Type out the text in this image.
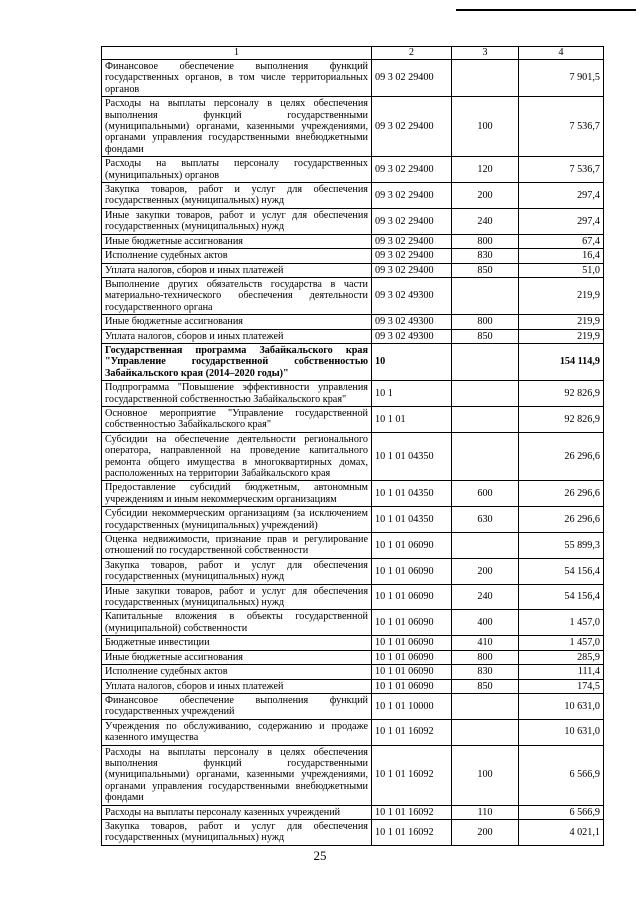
1	2	3	4
Финансовое обеспечение выполнения функций государственных органов, в том числе территориальных органов	09 3 02 29400		7 901,5
Расходы на выплаты персоналу в целях обеспечения выполнения функций государственными (муниципальными) органами, казенными учреждениями, органами управления государственными внебюджетными фондами	09 3 02 29400	100	7 536,7
Расходы на выплаты персоналу государственных (муниципальных) органов	09 3 02 29400	120	7 536,7
Закупка товаров, работ и услуг для обеспечения государственных (муниципальных) нужд	09 3 02 29400	200	297,4
Иные закупки товаров, работ и услуг для обеспечения государственных (муниципальных) нужд	09 3 02 29400	240	297,4
Иные бюджетные ассигнования	09 3 02 29400	800	67,4
Исполнение судебных актов	09 3 02 29400	830	16,4
Уплата налогов, сборов и иных платежей	09 3 02 29400	850	51,0
Выполнение других обязательств государства в части материально-технического обеспечения деятельности государственного органа	09 3 02 49300		219,9
Иные бюджетные ассигнования	09 3 02 49300	800	219,9
Уплата налогов, сборов и иных платежей	09 3 02 49300	850	219,9
Государственная программа Забайкальского края "Управление государственной собственностью Забайкальского края (2014–2020 годы)"	10		154 114,9
Подпрограмма "Повышение эффективности управления государственной собственностью Забайкальского края"	10 1		92 826,9
Основное мероприятие "Управление государственной собственностью Забайкальского края"	10 1 01		92 826,9
Субсидии на обеспечение деятельности регионального оператора, направленной на проведение капитального ремонта общего имущества в многоквартирных домах, расположенных на территории Забайкальского края	10 1 01 04350		26 296,6
Предоставление субсидий бюджетным, автономным учреждениям и иным некоммерческим организациям	10 1 01 04350	600	26 296,6
Субсидии некоммерческим организациям (за исключением государственных (муниципальных) учреждений)	10 1 01 04350	630	26 296,6
Оценка недвижимости, признание прав и регулирование отношений по государственной собственности	10 1 01 06090		55 899,3
Закупка товаров, работ и услуг для обеспечения государственных (муниципальных) нужд	10 1 01 06090	200	54 156,4
Иные закупки товаров, работ и услуг для обеспечения государственных (муниципальных) нужд	10 1 01 06090	240	54 156,4
Капитальные вложения в объекты государственной (муниципальной) собственности	10 1 01 06090	400	1 457,0
Бюджетные инвестиции	10 1 01 06090	410	1 457,0
Иные бюджетные ассигнования	10 1 01 06090	800	285,9
Исполнение судебных актов	10 1 01 06090	830	111,4
Уплата налогов, сборов и иных платежей	10 1 01 06090	850	174,5
Финансовое обеспечение выполнения функций государственных учреждений	10 1 01 10000		10 631,0
Учреждения по обслуживанию, содержанию и продаже казенного имущества	10 1 01 16092		10 631,0
Расходы на выплаты персоналу в целях обеспечения выполнения функций государственными (муниципальными) органами, казенными учреждениями, органами управления государственными внебюджетными фондами	10 1 01 16092	100	6 566,9
Расходы на выплаты персоналу казенных учреждений	10 1 01 16092	110	6 566,9
Закупка товаров, работ и услуг для обеспечения государственных (муниципальных) нужд	10 1 01 16092	200	4 021,1
25
